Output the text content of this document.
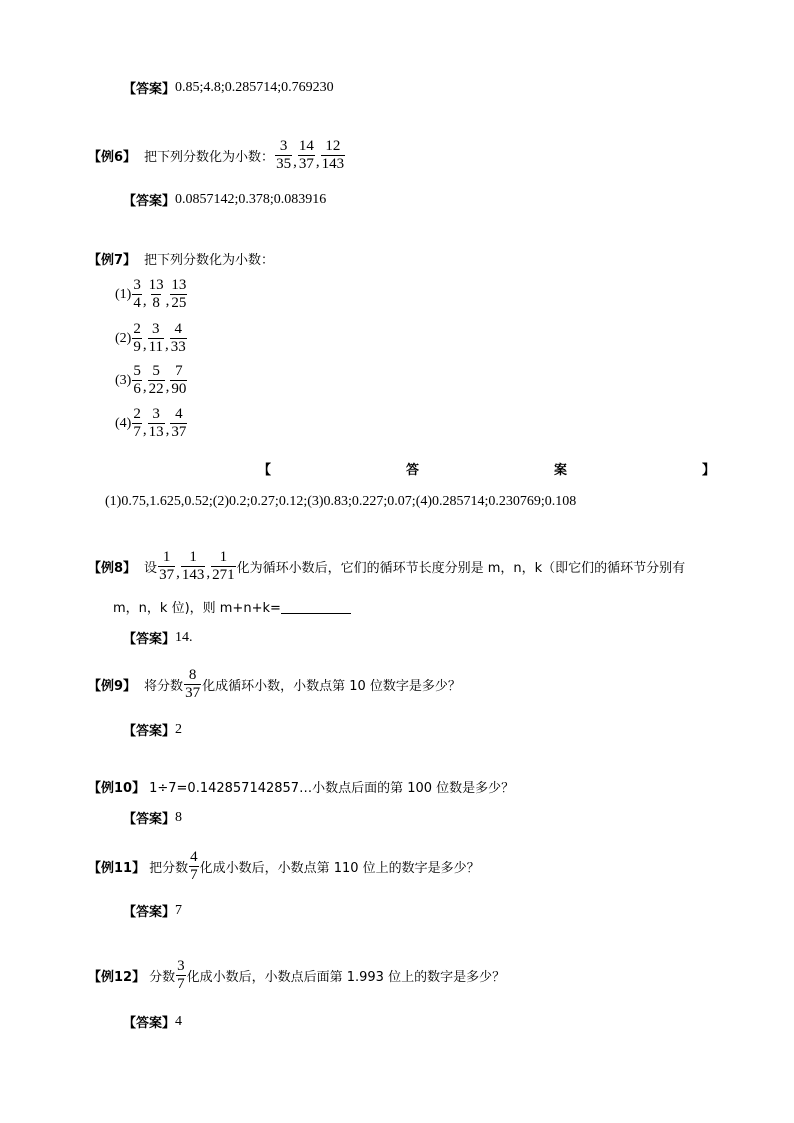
【答案】 0.85;4.8;0.285714;0.769230
【例6】 把下列分数化为小数： $\frac{3}{35}$ , $\frac{14}{37}$ , $\frac{12}{143}$
【答案】 0.0857142;0.378;0.083916
【例7】 把下列分数化为小数：
$(1) \frac{3}{4}$ , $\frac{13}{8}$ , $\frac{13}{25}$
$(2) \frac{2}{9}$ , $\frac{3}{11}$ , $\frac{4}{33}$
$(3) \frac{5}{6}$ , $\frac{5}{22}$ , $\frac{7}{90}$
$(4) \frac{2}{7}$ , $\frac{3}{13}$ , $\frac{4}{37}$
【	答	案	】
(1)0.75,1.625,0.52;(2)0.2;0.27;0.12;(3)0.83;0.227;0.07;(4)0.285714;0.230769;0.108
【例8】 设 $\frac{1}{37}$ , $\frac{1}{143}$ , $\frac{1}{271}$ 化为循环小数后，它们的循环节长度分别是 m，n，k（即它们的循环节分别有
m，n，k 位)，则 m+n+k=
【答案】 14.
【例9】 将分数 $\frac{8}{37}$ 化成循环小数，小数点第 10 位数字是多少？
【答案】 2
【例10】 1÷7=0.142857142857…小数点后面的第 100 位数是多少？
【答案】 8
【例11】 把分数 $\frac{4}{7}$ 化成小数后，小数点第 110 位上的数字是多少？
【答案】 7
【例12】 分数 $\frac{3}{7}$ 化成小数后，小数点后面第 1.993 位上的数字是多少？
【答案】 4
